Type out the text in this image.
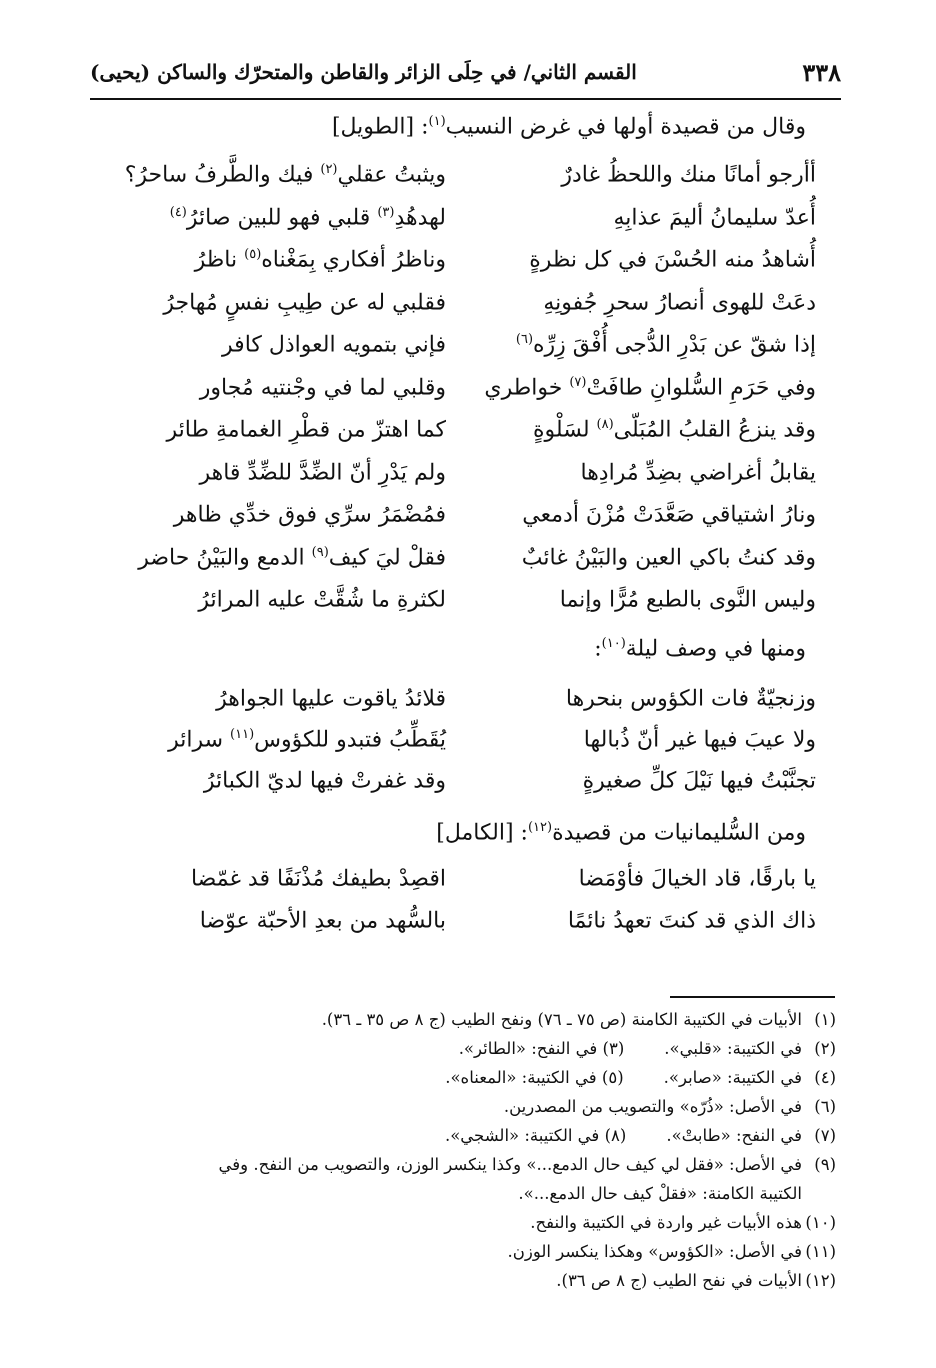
٣٣٨
القسم الثاني/ في حِلَى الزائر والقاطن والمتحرّك والساكن (يحيى)
وقال من قصيدة أولها في غرض النسيب$^{(١)}$: [الطويل]
أأرجو أمانًا منك واللحظُ غادرٌ
ويثبتُ عقلي$^{(٢)}$ فيك والطَّرفُ ساحرُ؟
أُعدّ سليمانُ أليمَ عذابِهِ
لهدهُدِ$^{(٣)}$ قلبي فهو للبين صائرُ$^{(٤)}$
أُشاهدُ منه الحُسْنَ في كل نظرةٍ
وناظرُ أفكاري بِمَغْناه$^{(٥)}$ ناظرُ
دعَتْ للهوى أنصارُ سحرِ جُفونِهِ
فقلبي له عن طِيبِ نفسٍ مُهاجرُ
إذا شقّ عن بَدْرِ الدُّجى أُفْقَ زِرِّه$^{(٦)}$
فإني بتمويه العواذل كافر
وفي حَرَمِ السُّلوانِ طافَتْ$^{(٧)}$ خواطري
وقلبي لما في وجْنتيه مُجاور
وقد ينزعُ القلبُ المُبَلّى$^{(٨)}$ لسَلْوةٍ
كما اهتزّ من قطْرِ الغمامةِ طائر
يقابلُ أغراضي بضِدِّ مُرادِها
ولم يَدْرِ أنّ الضِّدَّ للضِّدِّ قاهر
ونارُ اشتياقي صَعَّدَتْ مُزْنَ أدمعي
فمُضْمَرُ سرِّي فوق خدِّي ظاهر
وقد كنتُ باكي العين والبَيْنُ غائبٌ
فقلْ ليَ كيف$^{(٩)}$ الدمع والبَيْنُ حاضر
وليس النَّوى بالطبع مُرًّا وإنما
لكثرةِ ما شُقَّتْ عليه المرائرُ
ومنها في وصف ليلة$^{(١٠)}$:
وزنجيّةٌ فات الكؤوس بنحرها
قلائدُ ياقوت عليها الجواهرُ
ولا عيبَ فيها غير أنّ ذُبالها
يُقَطِّبُ فتبدو للكؤوس$^{(١١)}$ سرائر
تجنَّبْتُ فيها نَيْلَ كلِّ صغيرةٍ
وقد غفرتْ فيها لديّ الكبائرُ
ومن السُّليمانيات من قصيدة$^{(١٢)}$: [الكامل]
يا بارقًا، قاد الخيالَ فأوْمَضا
اقصِدْ بطيفك مُذْنَفًا قد غمّضا
ذاك الذي قد كنتَ تعهدُ نائمًا
بالسُّهد من بعدِ الأحبّة عوّضا
(١)الأبيات في الكتيبة الكامنة (ص ٧٥ ـ ٧٦) ونفح الطيب (ج ٨ ص ٣٥ ـ ٣٦).
(٢)في الكتيبة: «قلبي».(٣) في النفح: «الطائر».
(٤)في الكتيبة: «صابر».(٥) في الكتيبة: «المعناه».
(٦)في الأصل: «ذُرّه» والتصويب من المصدرين.
(٧)في النفح: «طابتْ».(٨) في الكتيبة: «الشجي».
(٩)في الأصل: «فقل لي كيف حال الدمع...» وكذا ينكسر الوزن، والتصويب من النفح. وفي
الكتيبة الكامنة: «فقلْ كيف حال الدمع...».
(١٠)هذه الأبيات غير واردة في الكتيبة والنفح.
(١١)في الأصل: «الكؤوس» وهكذا ينكسر الوزن.
(١٢)الأبيات في نفح الطيب (ج ٨ ص ٣٦).
